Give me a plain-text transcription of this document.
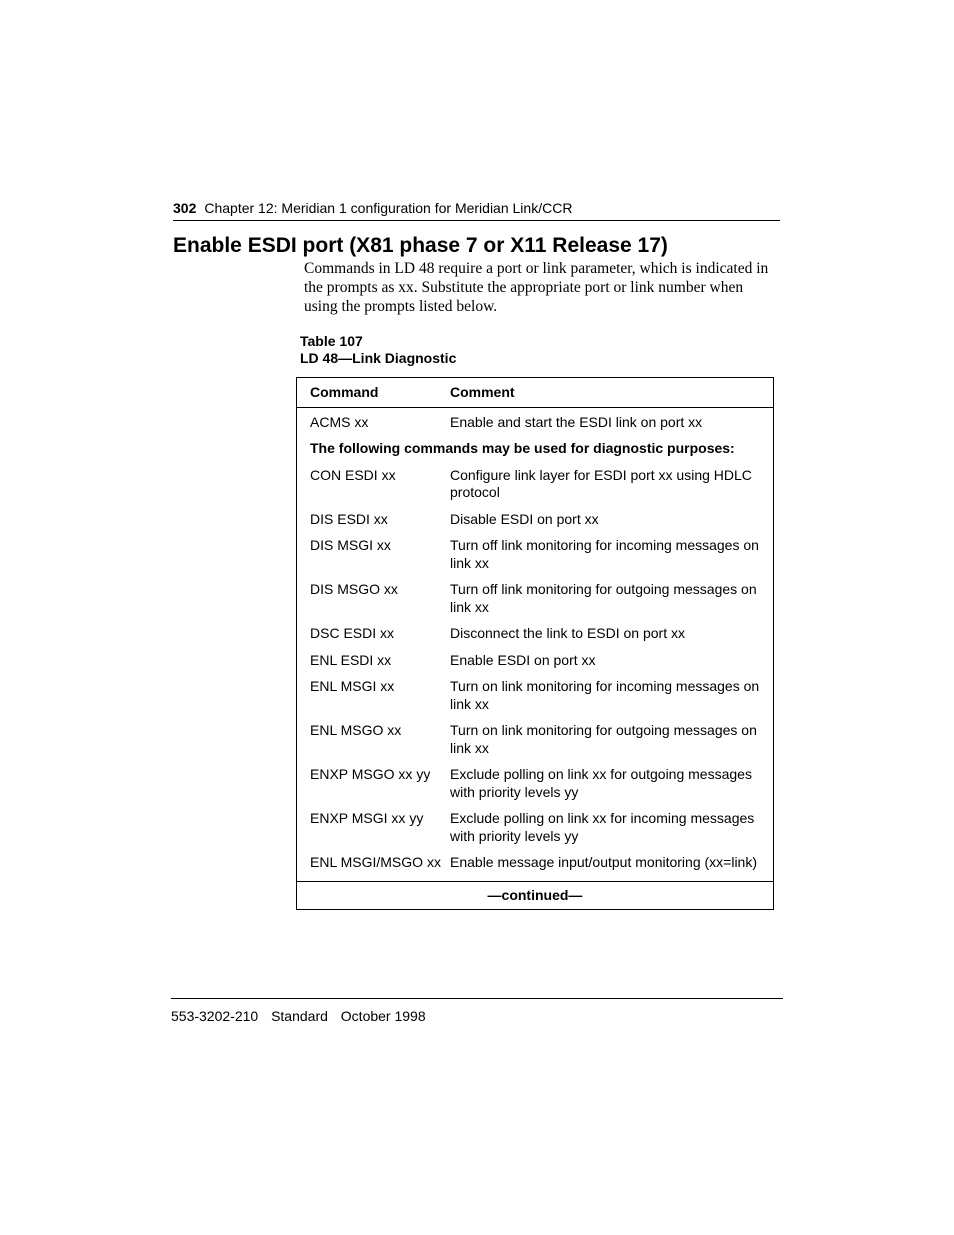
302 Chapter 12: Meridian 1 configuration for Meridian Link/CCR
Enable ESDI port (X81 phase 7 or X11 Release 17)

Commands in LD 48 require a port or link parameter, which is indicated in the prompts as xx. Substitute the appropriate port or link number when using the prompts listed below.

Table 107
LD 48—Link Diagnostic
Command	Comment
ACMS xx	Enable and start the ESDI link on port xx
The following commands may be used for diagnostic purposes:	
CON ESDI xx	Configure link layer for ESDI port xx using HDLC protocol
DIS ESDI xx	Disable ESDI on port xx
DIS MSGI xx	Turn off link monitoring for incoming messages on link xx
DIS MSGO xx	Turn off link monitoring for outgoing messages on link xx
DSC ESDI xx	Disconnect the link to ESDI on port xx
ENL ESDI xx	Enable ESDI on port xx
ENL MSGI xx	Turn on link monitoring for incoming messages on link xx
ENL MSGO xx	Turn on link monitoring for outgoing messages on link xx
ENXP MSGO xx yy	Exclude polling on link xx for outgoing messages with priority levels yy
ENXP MSGI xx yy	Exclude polling on link xx for incoming messages with priority levels yy
ENL MSGI/MSGO xx	Enable message input/output monitoring (xx=link)
—continued—	
553-3202-210 Standard October 1998
